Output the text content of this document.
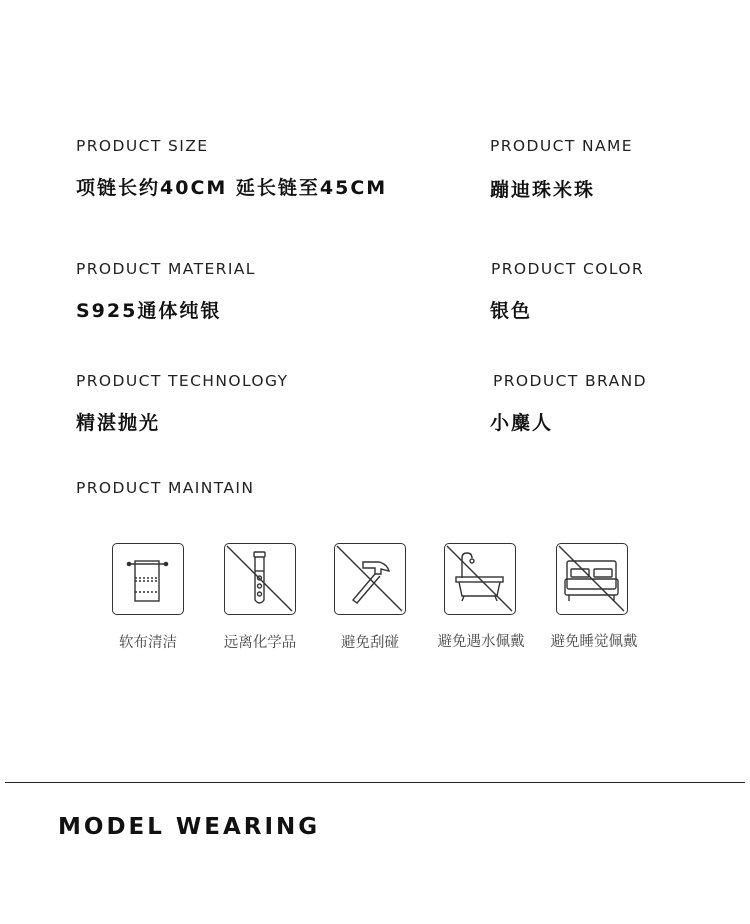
PRODUCT SIZE
项链长约40CM 延长链至45CM
PRODUCT NAME
蹦迪珠米珠
PRODUCT MATERIAL
S925通体纯银
PRODUCT COLOR
银色
PRODUCT TECHNOLOGY
精湛抛光
PRODUCT BRAND
小麋人
PRODUCT MAINTAIN
软布清洁	远离化学品	避免刮碰	避免遇水佩戴	避免睡觉佩戴
MODEL WEARING
